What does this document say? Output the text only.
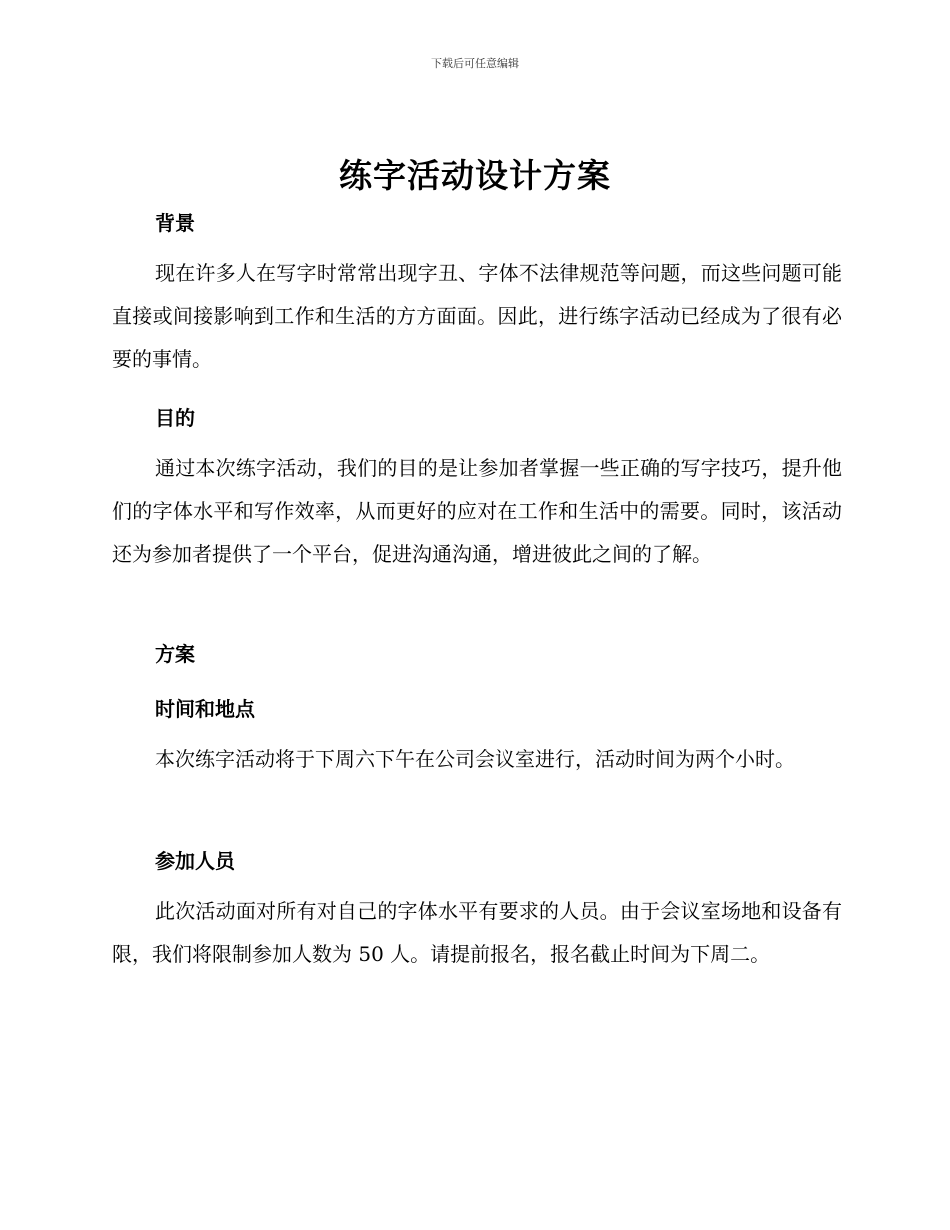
下载后可任意编辑
练字活动设计方案
背景

现在许多人在写字时常常出现字丑、字体不法律规范等问题，而这些问题可能直接或间接影响到工作和生活的方方面面。因此，进行练字活动已经成为了很有必要的事情。

目的

通过本次练字活动，我们的目的是让参加者掌握一些正确的写字技巧，提升他们的字体水平和写作效率，从而更好的应对在工作和生活中的需要。同时，该活动还为参加者提供了一个平台，促进沟通沟通，增进彼此之间的了解。

方案
时间和地点

本次练字活动将于下周六下午在公司会议室进行，活动时间为两个小时。

参加人员

此次活动面对所有对自己的字体水平有要求的人员。由于会议室场地和设备有限，我们将限制参加人数为 50 人。请提前报名，报名截止时间为下周二。
